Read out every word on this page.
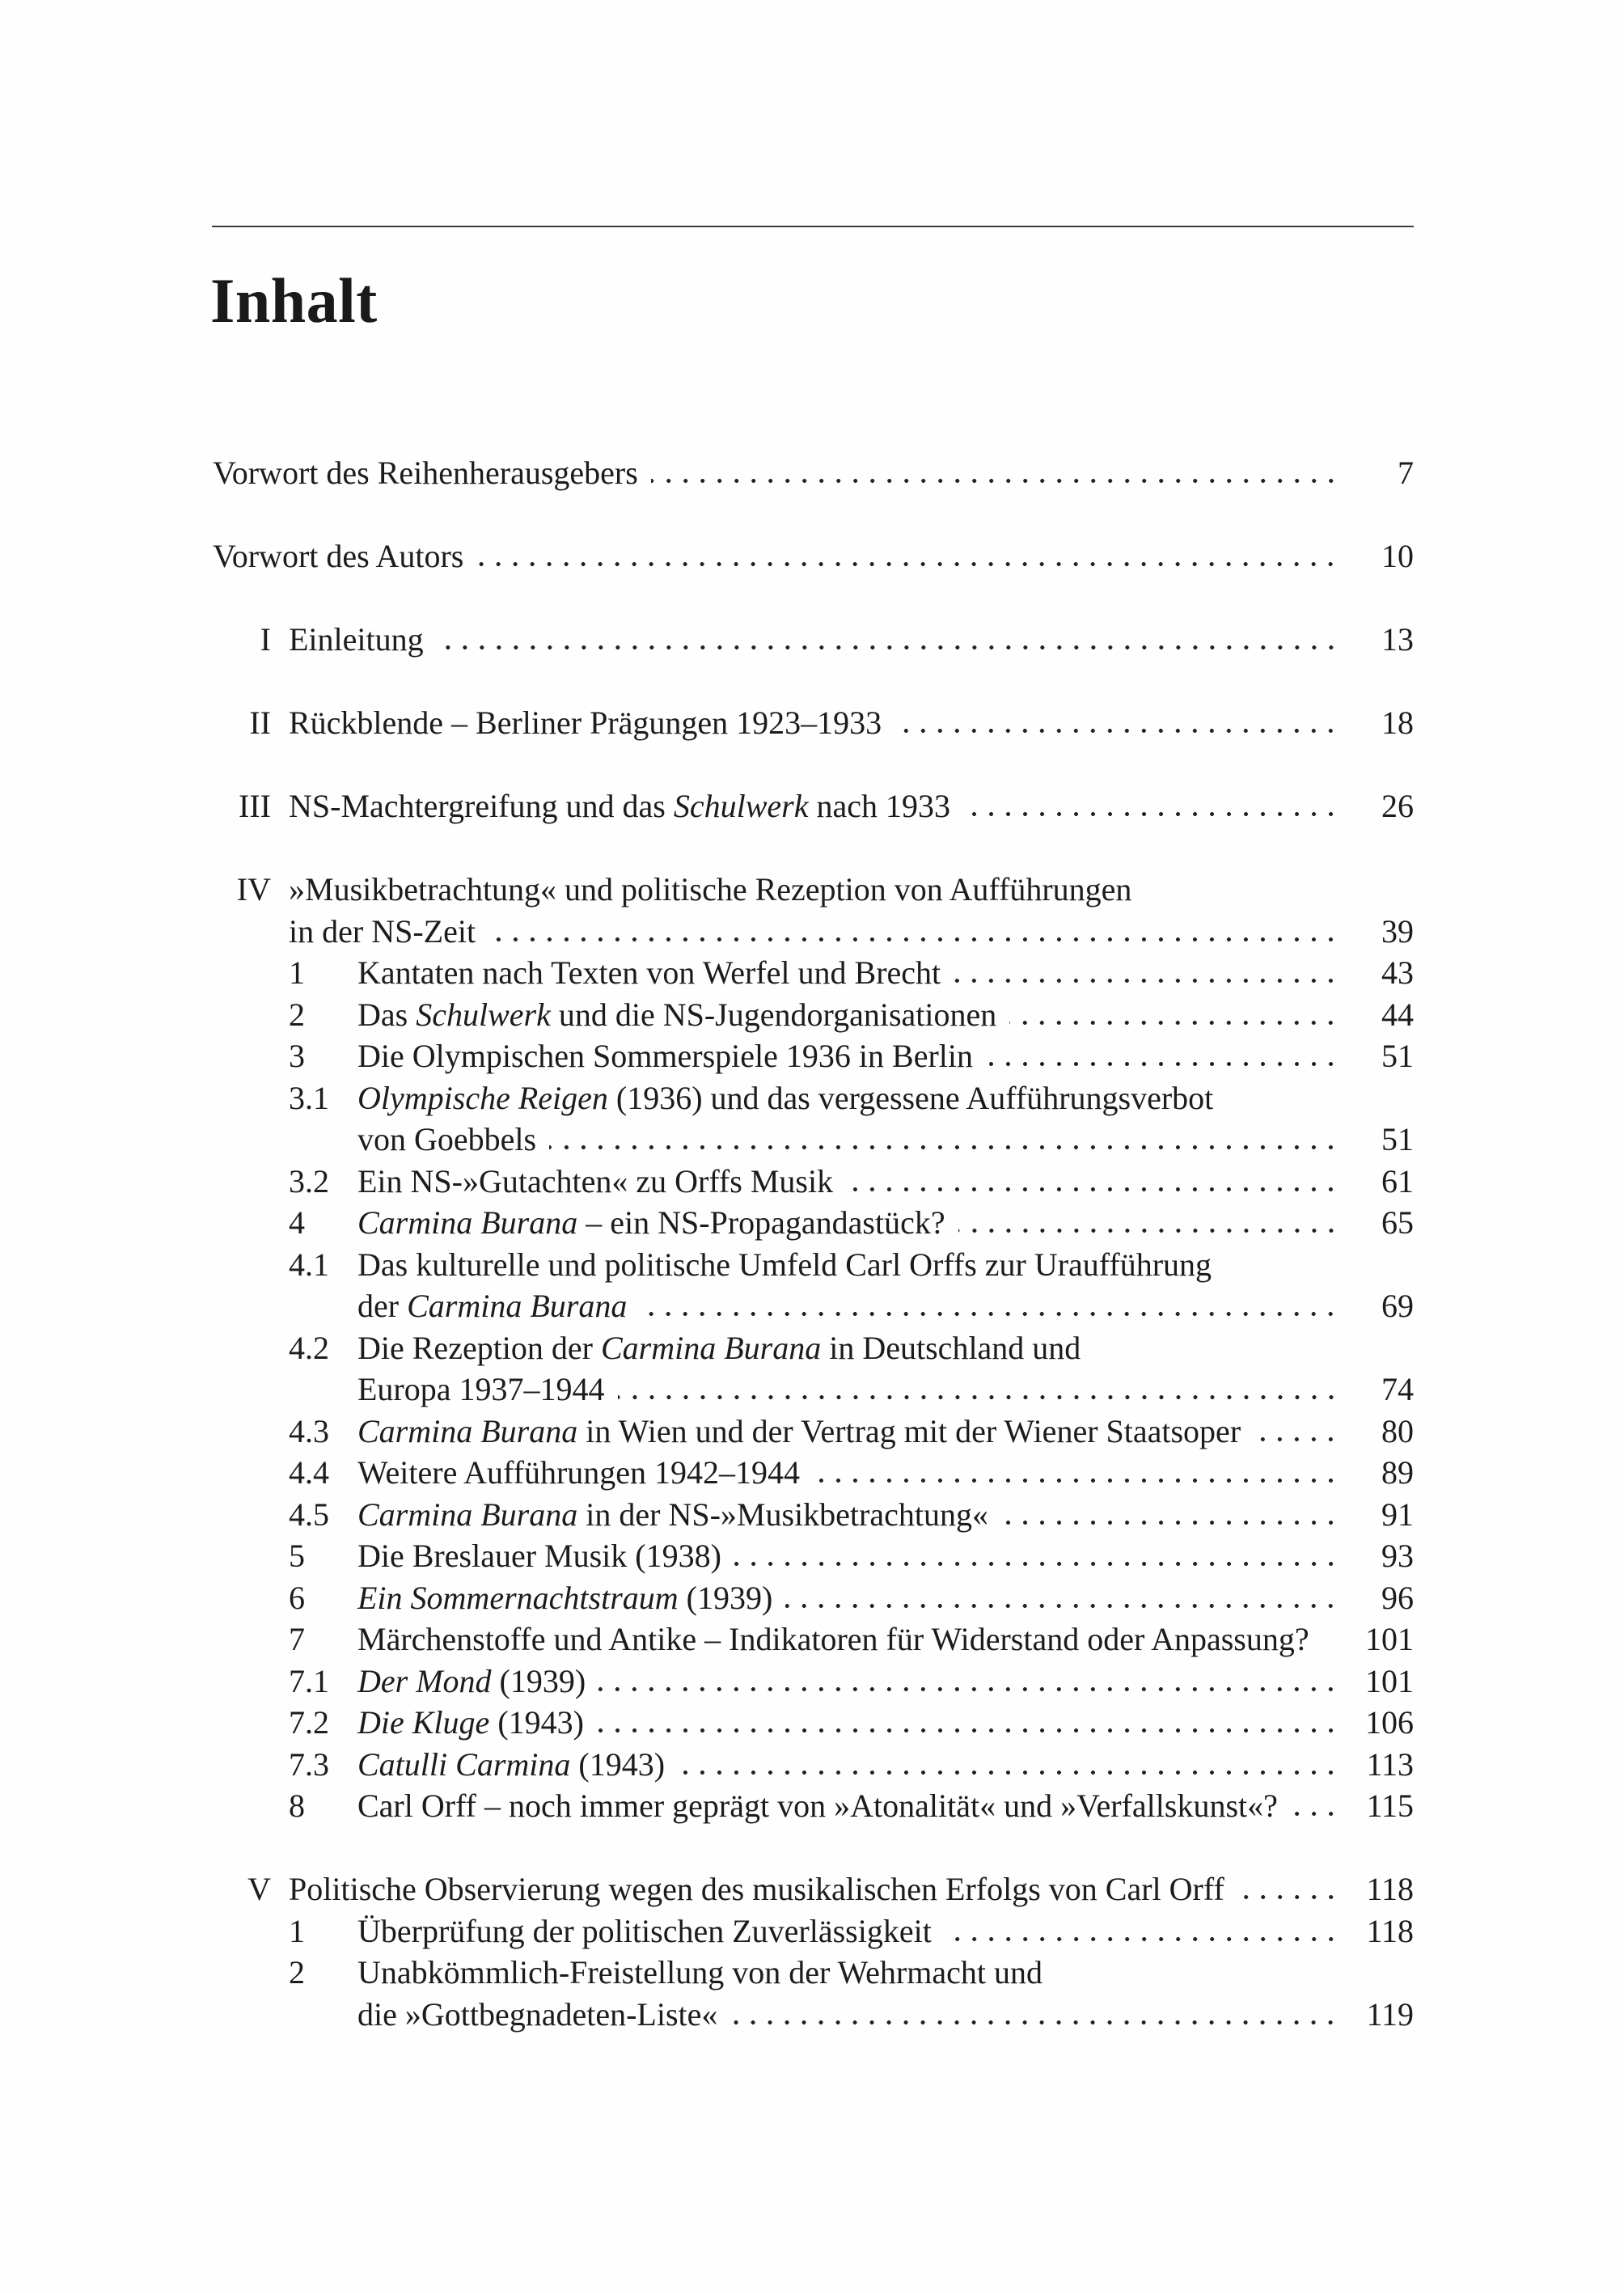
Inhalt
Vorwort des Reihenherausgebers	7
Vorwort des Autors	10
I Einleitung	13
II Rückblende – Berliner Prägungen 1923–1933	18
III NS-Machtergreifung und das Schulwerk nach 1933	26
IV »Musikbetrachtung« und politische Rezeption von Aufführungen
in der NS-Zeit	39
1	Kantaten nach Texten von Werfel und Brecht	43
2	Das Schulwerk und die NS-Jugendorganisationen	44
3	Die Olympischen Sommerspiele 1936 in Berlin	51
3.1 Olympische Reigen (1936) und das vergessene Aufführungsverbot
von Goebbels	51
3.2 Ein NS-»Gutachten« zu Orffs Musik	61
4	Carmina Burana – ein NS-Propagandastück?	65
4.1 Das kulturelle und politische Umfeld Carl Orffs zur Uraufführung
der Carmina Burana	69
4.2 Die Rezeption der Carmina Burana in Deutschland und
Europa 1937–1944	74
4.3 Carmina Burana in Wien und der Vertrag mit der Wiener Staatsoper	80
4.4 Weitere Aufführungen 1942–1944	89
4.5 Carmina Burana in der NS-»Musikbetrachtung«	91
5	Die Breslauer Musik (1938)	93
6	Ein Sommernachtstraum (1939)	96
7	Märchenstoffe und Antike – Indikatoren für Widerstand oder Anpassung? 101
7.1 Der Mond (1939)	101
7.2 Die Kluge (1943)	106
7.3 Catulli Carmina (1943)	113
8	Carl Orff – noch immer geprägt von »Atonalität« und »Verfallskunst«?	115
V Politische Observierung wegen des musikalischen Erfolgs von Carl Orff	118
1	Überprüfung der politischen Zuverlässigkeit	118
2	Unabkömmlich-Freistellung von der Wehrmacht und
die »Gottbegnadeten-Liste«	119
